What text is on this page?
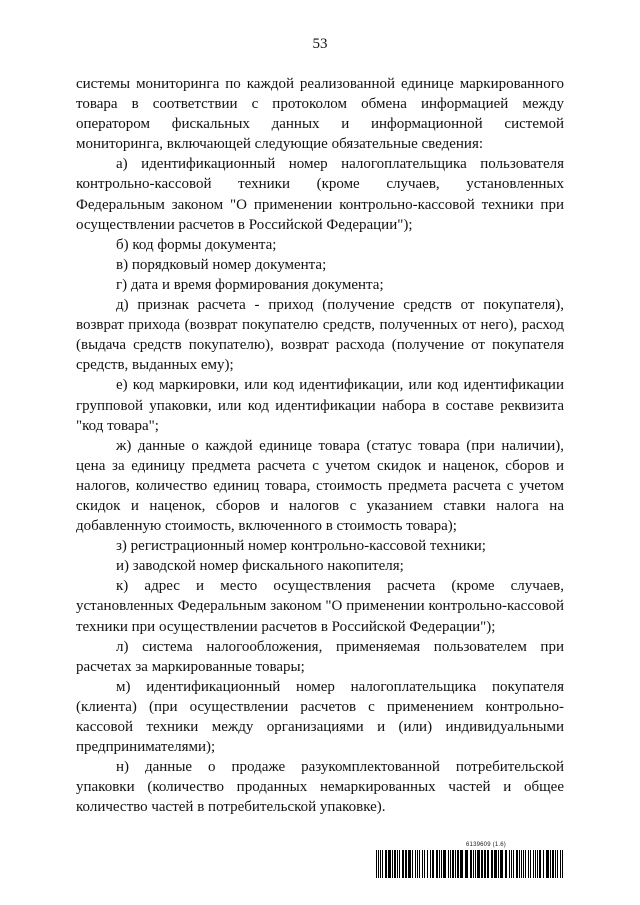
53

системы мониторинга по каждой реализованной единице маркированного товара в соответствии с протоколом обмена информацией между оператором фискальных данных и информационной системой мониторинга, включающей следующие обязательные сведения:

а) идентификационный номер налогоплательщика пользователя контрольно-кассовой техники (кроме случаев, установленных Федеральным законом "О применении контрольно-кассовой техники при осуществлении расчетов в Российской Федерации");

б) код формы документа;

в) порядковый номер документа;

г) дата и время формирования документа;

д) признак расчета - приход (получение средств от покупателя), возврат прихода (возврат покупателю средств, полученных от него), расход (выдача средств покупателю), возврат расхода (получение от покупателя средств, выданных ему);

е) код маркировки, или код идентификации, или код идентификации групповой упаковки, или код идентификации набора в составе реквизита "код товара";

ж) данные о каждой единице товара (статус товара (при наличии), цена за единицу предмета расчета с учетом скидок и наценок, сборов и налогов, количество единиц товара, стоимость предмета расчета с учетом скидок и наценок, сборов и налогов с указанием ставки налога на добавленную стоимость, включенного в стоимость товара);

з) регистрационный номер контрольно-кассовой техники;

и) заводской номер фискального накопителя;

к) адрес и место осуществления расчета (кроме случаев, установленных Федеральным законом "О применении контрольно-кассовой техники при осуществлении расчетов в Российской Федерации");

л) система налогообложения, применяемая пользователем при расчетах за маркированные товары;

м) идентификационный номер налогоплательщика покупателя (клиента) (при осуществлении расчетов с применением контрольно-кассовой техники между организациями и (или) индивидуальными предпринимателями);

н) данные о продаже разукомплектованной потребительской упаковки (количество проданных немаркированных частей и общее количество частей в потребительской упаковке).

6139609 (1.6)
